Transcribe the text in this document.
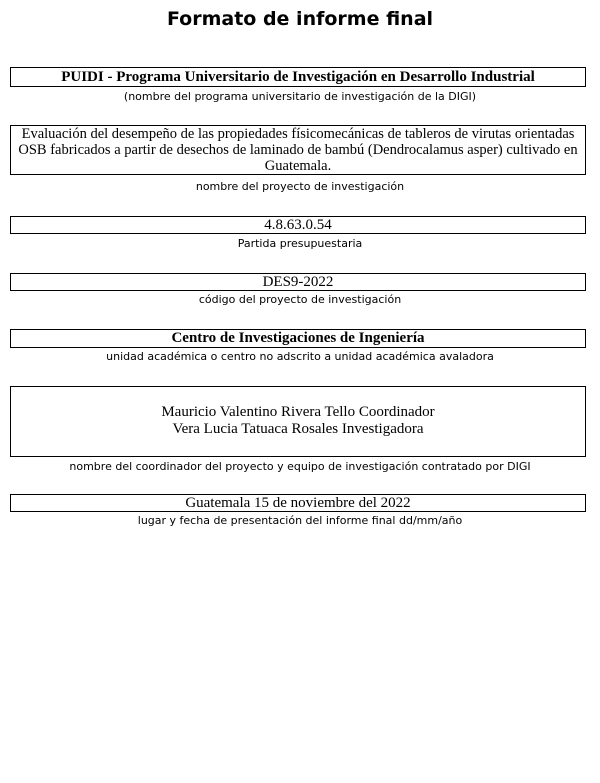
Formato de informe final
PUIDI - Programa Universitario de Investigación en Desarrollo Industrial
(nombre del programa universitario de investigación de la DIGI)
Evaluación del desempeño de las propiedades físicomecánicas de tableros de virutas orientadas OSB fabricados a partir de desechos de laminado de bambú (Dendrocalamus asper) cultivado en Guatemala.
nombre del proyecto de investigación
4.8.63.0.54
Partida presupuestaria
DES9-2022
código del proyecto de investigación
Centro de Investigaciones de Ingeniería
unidad académica o centro no adscrito a unidad académica avaladora
Mauricio Valentino Rivera Tello Coordinador
Vera Lucia Tatuaca Rosales Investigadora
nombre del coordinador del proyecto y equipo de investigación contratado por DIGI
Guatemala 15 de noviembre del 2022
lugar y fecha de presentación del informe final dd/mm/año
